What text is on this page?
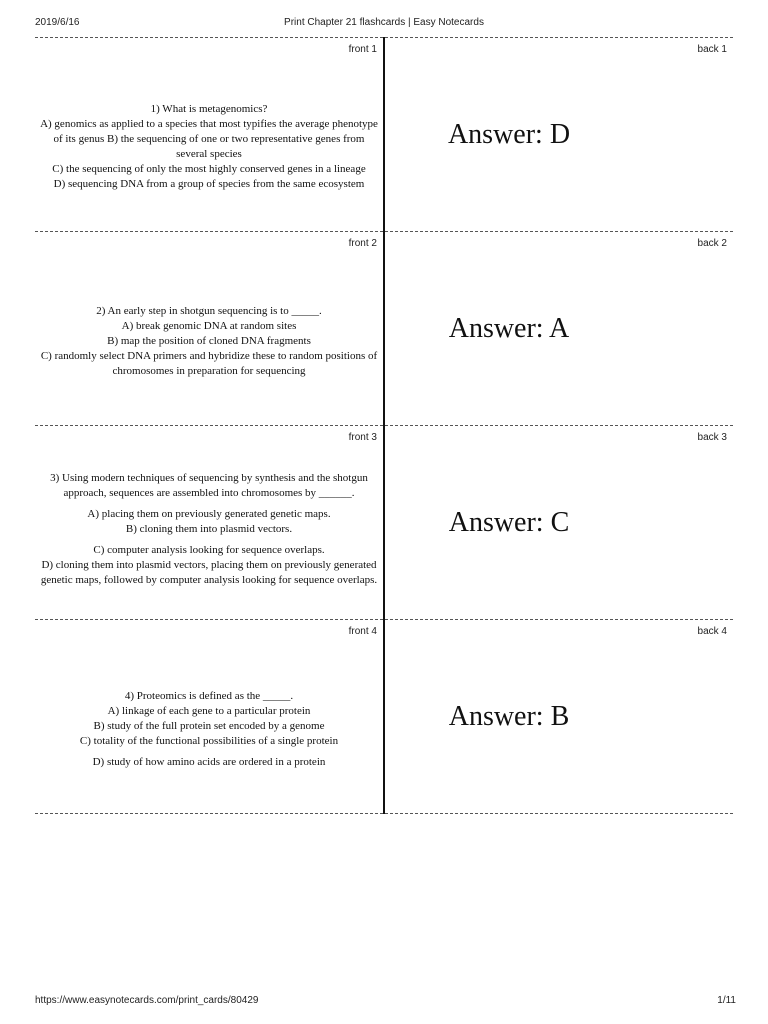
2019/6/16	Print Chapter 21 flashcards | Easy Notecards
front 1
1) What is metagenomics?
A) genomics as applied to a species that most typifies the average phenotype of its genus B) the sequencing of one or two representative genes from several species
C) the sequencing of only the most highly conserved genes in a lineage
D) sequencing DNA from a group of species from the same ecosystem
back 1
Answer: D
front 2
2) An early step in shotgun sequencing is to _____.
A) break genomic DNA at random sites
B) map the position of cloned DNA fragments
C) randomly select DNA primers and hybridize these to random positions of chromosomes in preparation for sequencing
back 2
Answer: A
front 3
3) Using modern techniques of sequencing by synthesis and the shotgun approach, sequences are assembled into chromosomes by ______.
A) placing them on previously generated genetic maps.
B) cloning them into plasmid vectors.
C) computer analysis looking for sequence overlaps.
D) cloning them into plasmid vectors, placing them on previously generated genetic maps, followed by computer analysis looking for sequence overlaps.
back 3
Answer: C
front 4
4) Proteomics is defined as the _____.
A) linkage of each gene to a particular protein
B) study of the full protein set encoded by a genome
C) totality of the functional possibilities of a single protein
D) study of how amino acids are ordered in a protein
back 4
Answer: B
https://www.easynotecards.com/print_cards/80429	1/11
